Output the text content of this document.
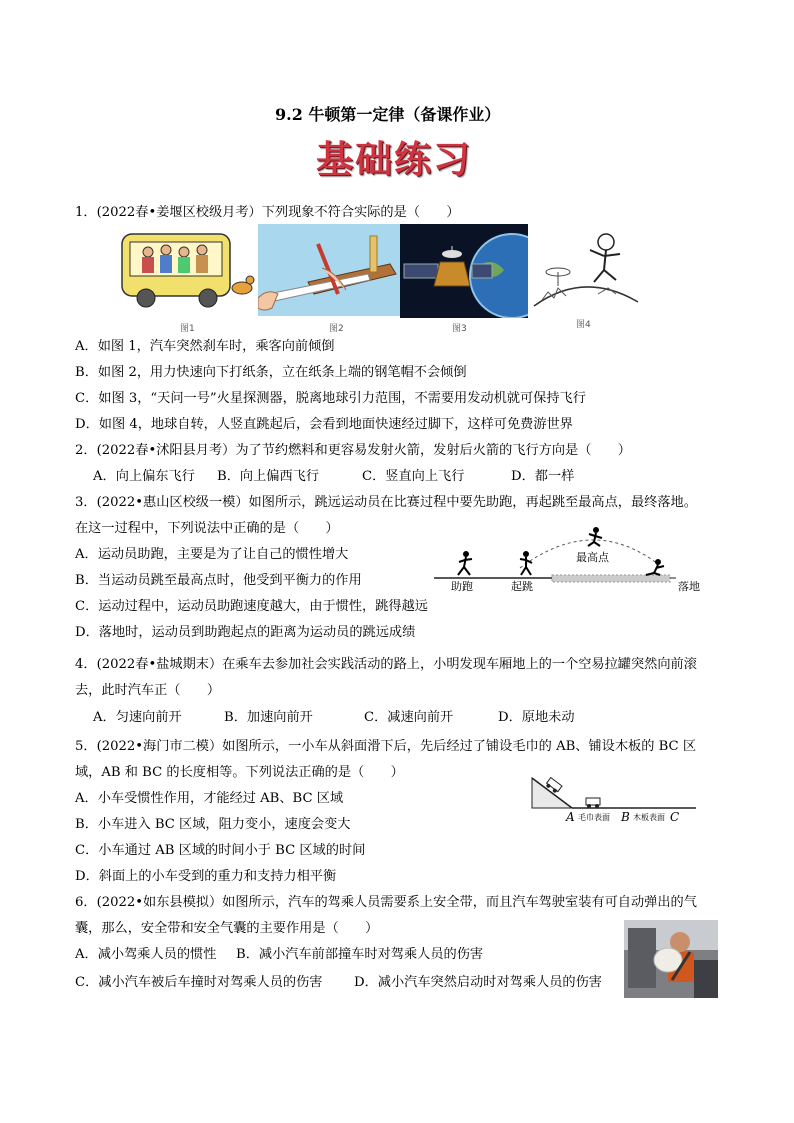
9.2 牛顿第一定律（备课作业）
基础练习
1．(2022春•姜堰区校级月考）下列现象不符合实际的是（　　）
图1	图2	图3	图4
A．如图 1，汽车突然刹车时，乘客向前倾倒
B．如图 2，用力快速向下打纸条，立在纸条上端的钢笔帽不会倾倒
C．如图 3，“天问一号”火星探测器，脱离地球引力范围，不需要用发动机就可保持飞行
D．如图 4，地球自转，人竖直跳起后，会看到地面快速经过脚下，这样可免费游世界
2．(2022春•沭阳县月考）为了节约燃料和更容易发射火箭，发射后火箭的飞行方向是（　　）
A．向上偏东飞行 B．向上偏西飞行	C．竖直向上飞行	D．都一样
3．(2022•惠山区校级一模）如图所示，跳远运动员在比赛过程中要先助跑，再起跳至最高点，最终落地。
在这一过程中，下列说法中正确的是（　　）
A．运动员助跑，主要是为了让自己的惯性增大
B．当运动员跳至最高点时，他受到平衡力的作用
C．运动过程中，运动员助跑速度越大，由于惯性，跳得越远
D．落地时，运动员到助跑起点的距离为运动员的跳远成绩
助跑	起跳
最高点
落地
4．(2022春•盐城期末）在乘车去参加社会实践活动的路上，小明发现车厢地上的一个空易拉罐突然向前滚
去，此时汽车正（　　）
A．匀速向前开	B．加速向前开	C．减速向前开	D．原地未动
5．(2022•海门市二模）如图所示，一小车从斜面滑下后，先后经过了铺设毛巾的 AB、铺设木板的 BC 区
域，AB 和 BC 的长度相等。下列说法正确的是（　　）
A．小车受惯性作用，才能经过 AB、BC 区域
B．小车进入 BC 区域，阻力变小，速度会变大
C．小车通过 AB 区域的时间小于 BC 区域的时间
D．斜面上的小车受到的重力和支持力相平衡
A 毛巾表面 B 木板表面 C
6．(2022•如东县模拟）如图所示，汽车的驾乘人员需要系上安全带，而且汽车驾驶室装有可自动弹出的气
囊，那么，安全带和安全气囊的主要作用是（　　）
A．减小驾乘人员的惯性 B．减小汽车前部撞车时对驾乘人员的伤害
C．减小汽车被后车撞时对驾乘人员的伤害 D．减小汽车突然启动时对驾乘人员的伤害
